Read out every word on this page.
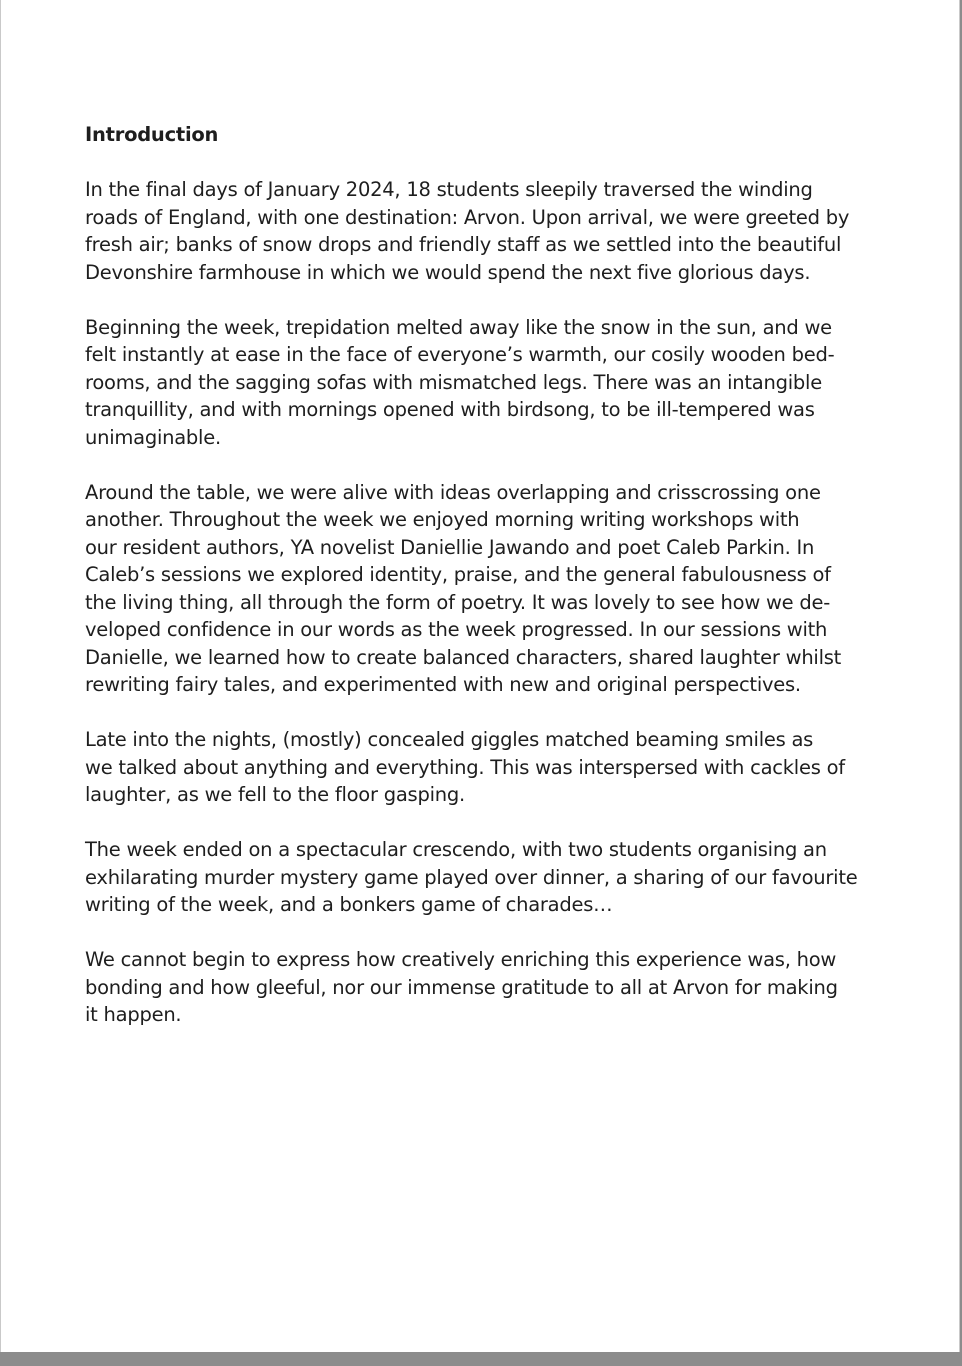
Introduction
In the final days of January 2024, 18 students sleepily traversed the winding
roads of England, with one destination: Arvon. Upon arrival, we were greeted by
fresh air; banks of snow drops and friendly staff as we settled into the beautiful
Devonshire farmhouse in which we would spend the next five glorious days.
Beginning the week, trepidation melted away like the snow in the sun, and we
felt instantly at ease in the face of everyone’s warmth, our cosily wooden bed-
rooms, and the sagging sofas with mismatched legs. There was an intangible
tranquillity, and with mornings opened with birdsong, to be ill-tempered was
unimaginable.
Around the table, we were alive with ideas overlapping and crisscrossing one
another. Throughout the week we enjoyed morning writing workshops with
our resident authors, YA novelist Daniellie Jawando and poet Caleb Parkin. In
Caleb’s sessions we explored identity, praise, and the general fabulousness of
the living thing, all through the form of poetry. It was lovely to see how we de-
veloped confidence in our words as the week progressed. In our sessions with
Danielle, we learned how to create balanced characters, shared laughter whilst
rewriting fairy tales, and experimented with new and original perspectives.
Late into the nights, (mostly) concealed giggles matched beaming smiles as
we talked about anything and everything. This was interspersed with cackles of
laughter, as we fell to the floor gasping.
The week ended on a spectacular crescendo, with two students organising an
exhilarating murder mystery game played over dinner, a sharing of our favourite
writing of the week, and a bonkers game of charades…
We cannot begin to express how creatively enriching this experience was, how
bonding and how gleeful, nor our immense gratitude to all at Arvon for making
it happen.
